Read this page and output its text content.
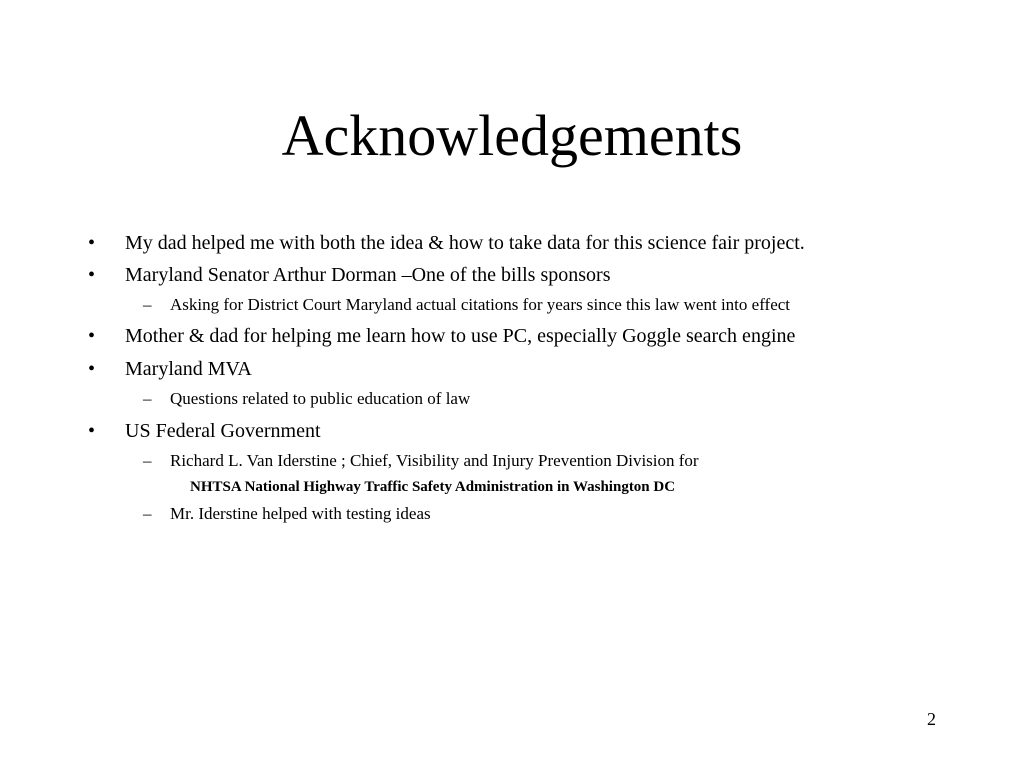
Acknowledgements
•	My dad helped me with both the idea & how to take data for this science fair project.
•	Maryland Senator Arthur Dorman –One of the bills sponsors
–	Asking for District Court Maryland actual citations for years since this law went into effect
•	Mother & dad for helping me learn how to use PC, especially Goggle search engine
•	Maryland MVA
–	Questions related to public education of law
•	US Federal Government
–	Richard L. Van Iderstine ; Chief, Visibility and Injury Prevention Division for
NHTSA National Highway Traffic Safety Administration in Washington DC
–	Mr. Iderstine helped with testing ideas
2
